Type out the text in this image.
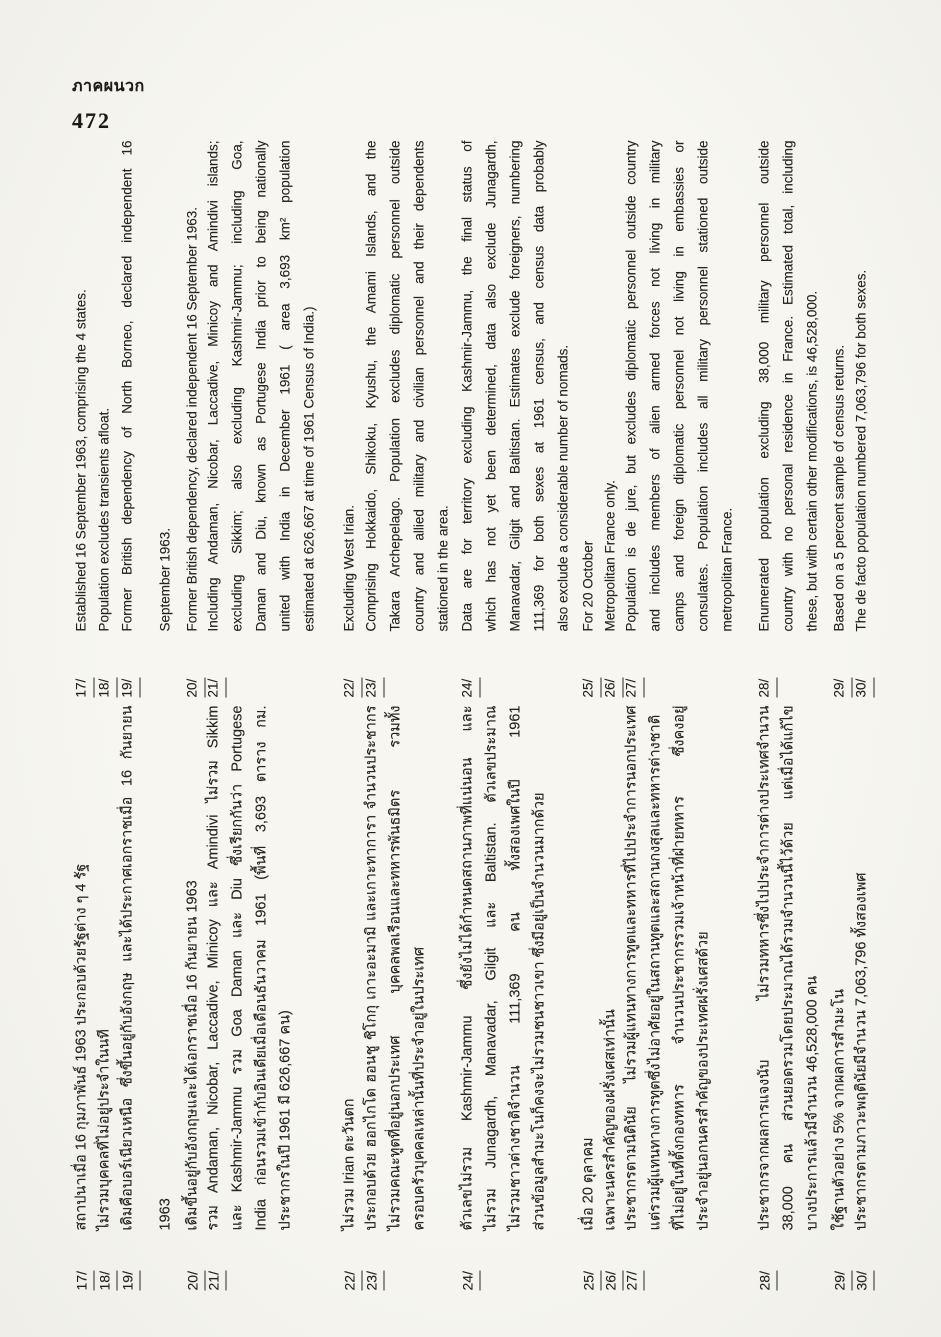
ภาคผนวก
472
17/
สถาปนาเมื่อ 16 กุมภาพันธ์ 1963 ประกอบด้วยรัฐต่าง ๆ 4 รัฐ
17/
Established 16 September 1963, comprising the 4 states.
18/
ไม่รวมบุคคลที่ไม่อยู่ประจำในนที
18/
Population excludes transients afloat.
19/
เดิมคือบอร์เนียวเหนือ ซึ่งขึ้นอยู่กับอังกฤษ และได้ประกาศเอกราชเมื่อ 16 กันยายน 1963
19/
Former British dependency of North Borneo, declared independent 16	September 1963.
20/
เดิมขึ้นอยู่กับอังกฤษและได้เอกราชเมื่อ 16 กันยายน 1963
20/
Former British dependency, declared independent 16 September 1963.
21/
รวม Andaman, Nicobar, Laccadive, Minicoy และ Amindivi ไม่รวม Sikkim และ Kashmir-Jammu รวม Goa Daman และ Diu ซึ่งเรียกกันว่า Portugese India ก่อนรวมเข้ากับอินเดียเมื่อเดือนธันวาคม 1961 (พื้นที่ 3,693 ตาราง กม. ประชากรในปี 1961 มี 626,667 คน)
21/
Including Andaman, Nicobar, Laccadive, Minicoy and Amindivi islands; excluding Sikkim; also excluding Kashmir-Jammu; including Goa, Daman and Diu, known as Portugese India prior to being nationally united with India in December 1961 ( area 3,693 km² population estimated at 626,667 at time of 1961 Census of India.)
22/
ไม่รวม Irian ตะวันตก
22/
Excluding West Irian.
23/
ประกอบด้วย ฮอกไกโด ฮอนชู ชิโกกุ เกาะอะมามิ และเกาะทาการา จำนวนประชากร ไม่รวมคณะทูตที่อยู่นอกประเทศ บุคคลพลเรือนและทหารพันธมิตร รวมทั้ง ครอบครัวบุคคลเหล่านั้นที่ประจำอยู่ในประเทศ
23/
Comprising Hokkaido, Shikoku, Kyushu, the Amami Islands, and the Takara Archepelago. Population excludes diplomatic personnel outside country and allied military and civilian personnel and their dependents stationed in the area.
24/
ตัวเลขไม่รวม Kashmir-Jammu ซึ่งยังไม่ได้กำหนดสถานภาพที่แน่นอน และ ไม่รวม Junagardh, Manavadar, Gilgit และ Baltistan. ตัวเลขประมาณ ไม่รวมชาวต่างชาติจำนวน 111,369 คน ทั้งสองเพศในปี 1961 ส่วนข้อมูลสำมะโนก็คงจะไม่รวมชนชาวเขา ซึ่งมีอยู่เป็นจำนวนมากด้วย
24/
Data are for territory excluding Kashmir-Jammu, the final status of which has not yet been determined, data also exclude Junagardh, Manavadar, Gilgit and Baltistan. Estimates exclude foreigners, numbering 111,369 for both sexes at 1961 census, and census data probably also exclude a considerable number of nomads.
25/
เมื่อ 20 ตุลาคม
25/
For 20 October
26/
เฉพาะนครสำคัญของฝรั่งเศสเท่านั้น
26/
Metropolitan France only.
27/
ประชากรตามนิตินัย ไม่รวมผู้แทนทางการทูตและทหารที่ไปประจำการนอกประเทศ แต่รวมผู้แทนทางการทูตซึ่งไม่อาศัยอยู่ในสถานทูตและสถานกงสุลและทหารต่างชาติ ที่ไม่อยู่ในที่ตั้งกองทหาร จำนวนประชากรรวมเจ้าหน้าที่ฝ่ายทหาร ซึ่งคงอยู่ ประจำอยู่นอกนครสำคัญของประเทศฝรั่งเศสด้วย
27/
Population is de jure, but excludes diplomatic personnel outside country and includes members of alien armed forces not living in military camps and foreign diplomatic personnel not living in embassies or consulates. Population includes all military personnel stationed outside metropolitan France.
28/
ประชากรจากผลการแจงนับ ไม่รวมทหารซึ่งไปประจำการต่างประเทศจำนวน 38,000 คน ส่วนยอดรวมโดยประมาณได้รวมจำนวนนี้ไว้ด้วย แต่เมื่อได้แก้ไข บางประการแล้วมีจำนวน 46,528,000 คน
28/
Enumerated population excluding 38,000 military personnel outside country with no personal residence in France. Estimated total, including these, but with certain other modifications, is 46,528,000.
29/
ใช้ฐานตัวอย่าง 5% จากผลการสำมะโน
29/
Based on a 5 percent sample of census returns.
30/
ประชากรตามภาวะพฤตินัยมีจำนวน 7,063,796 ทั้งสองเพศ
30/
The de facto population numbered 7,063,796 for both sexes.
